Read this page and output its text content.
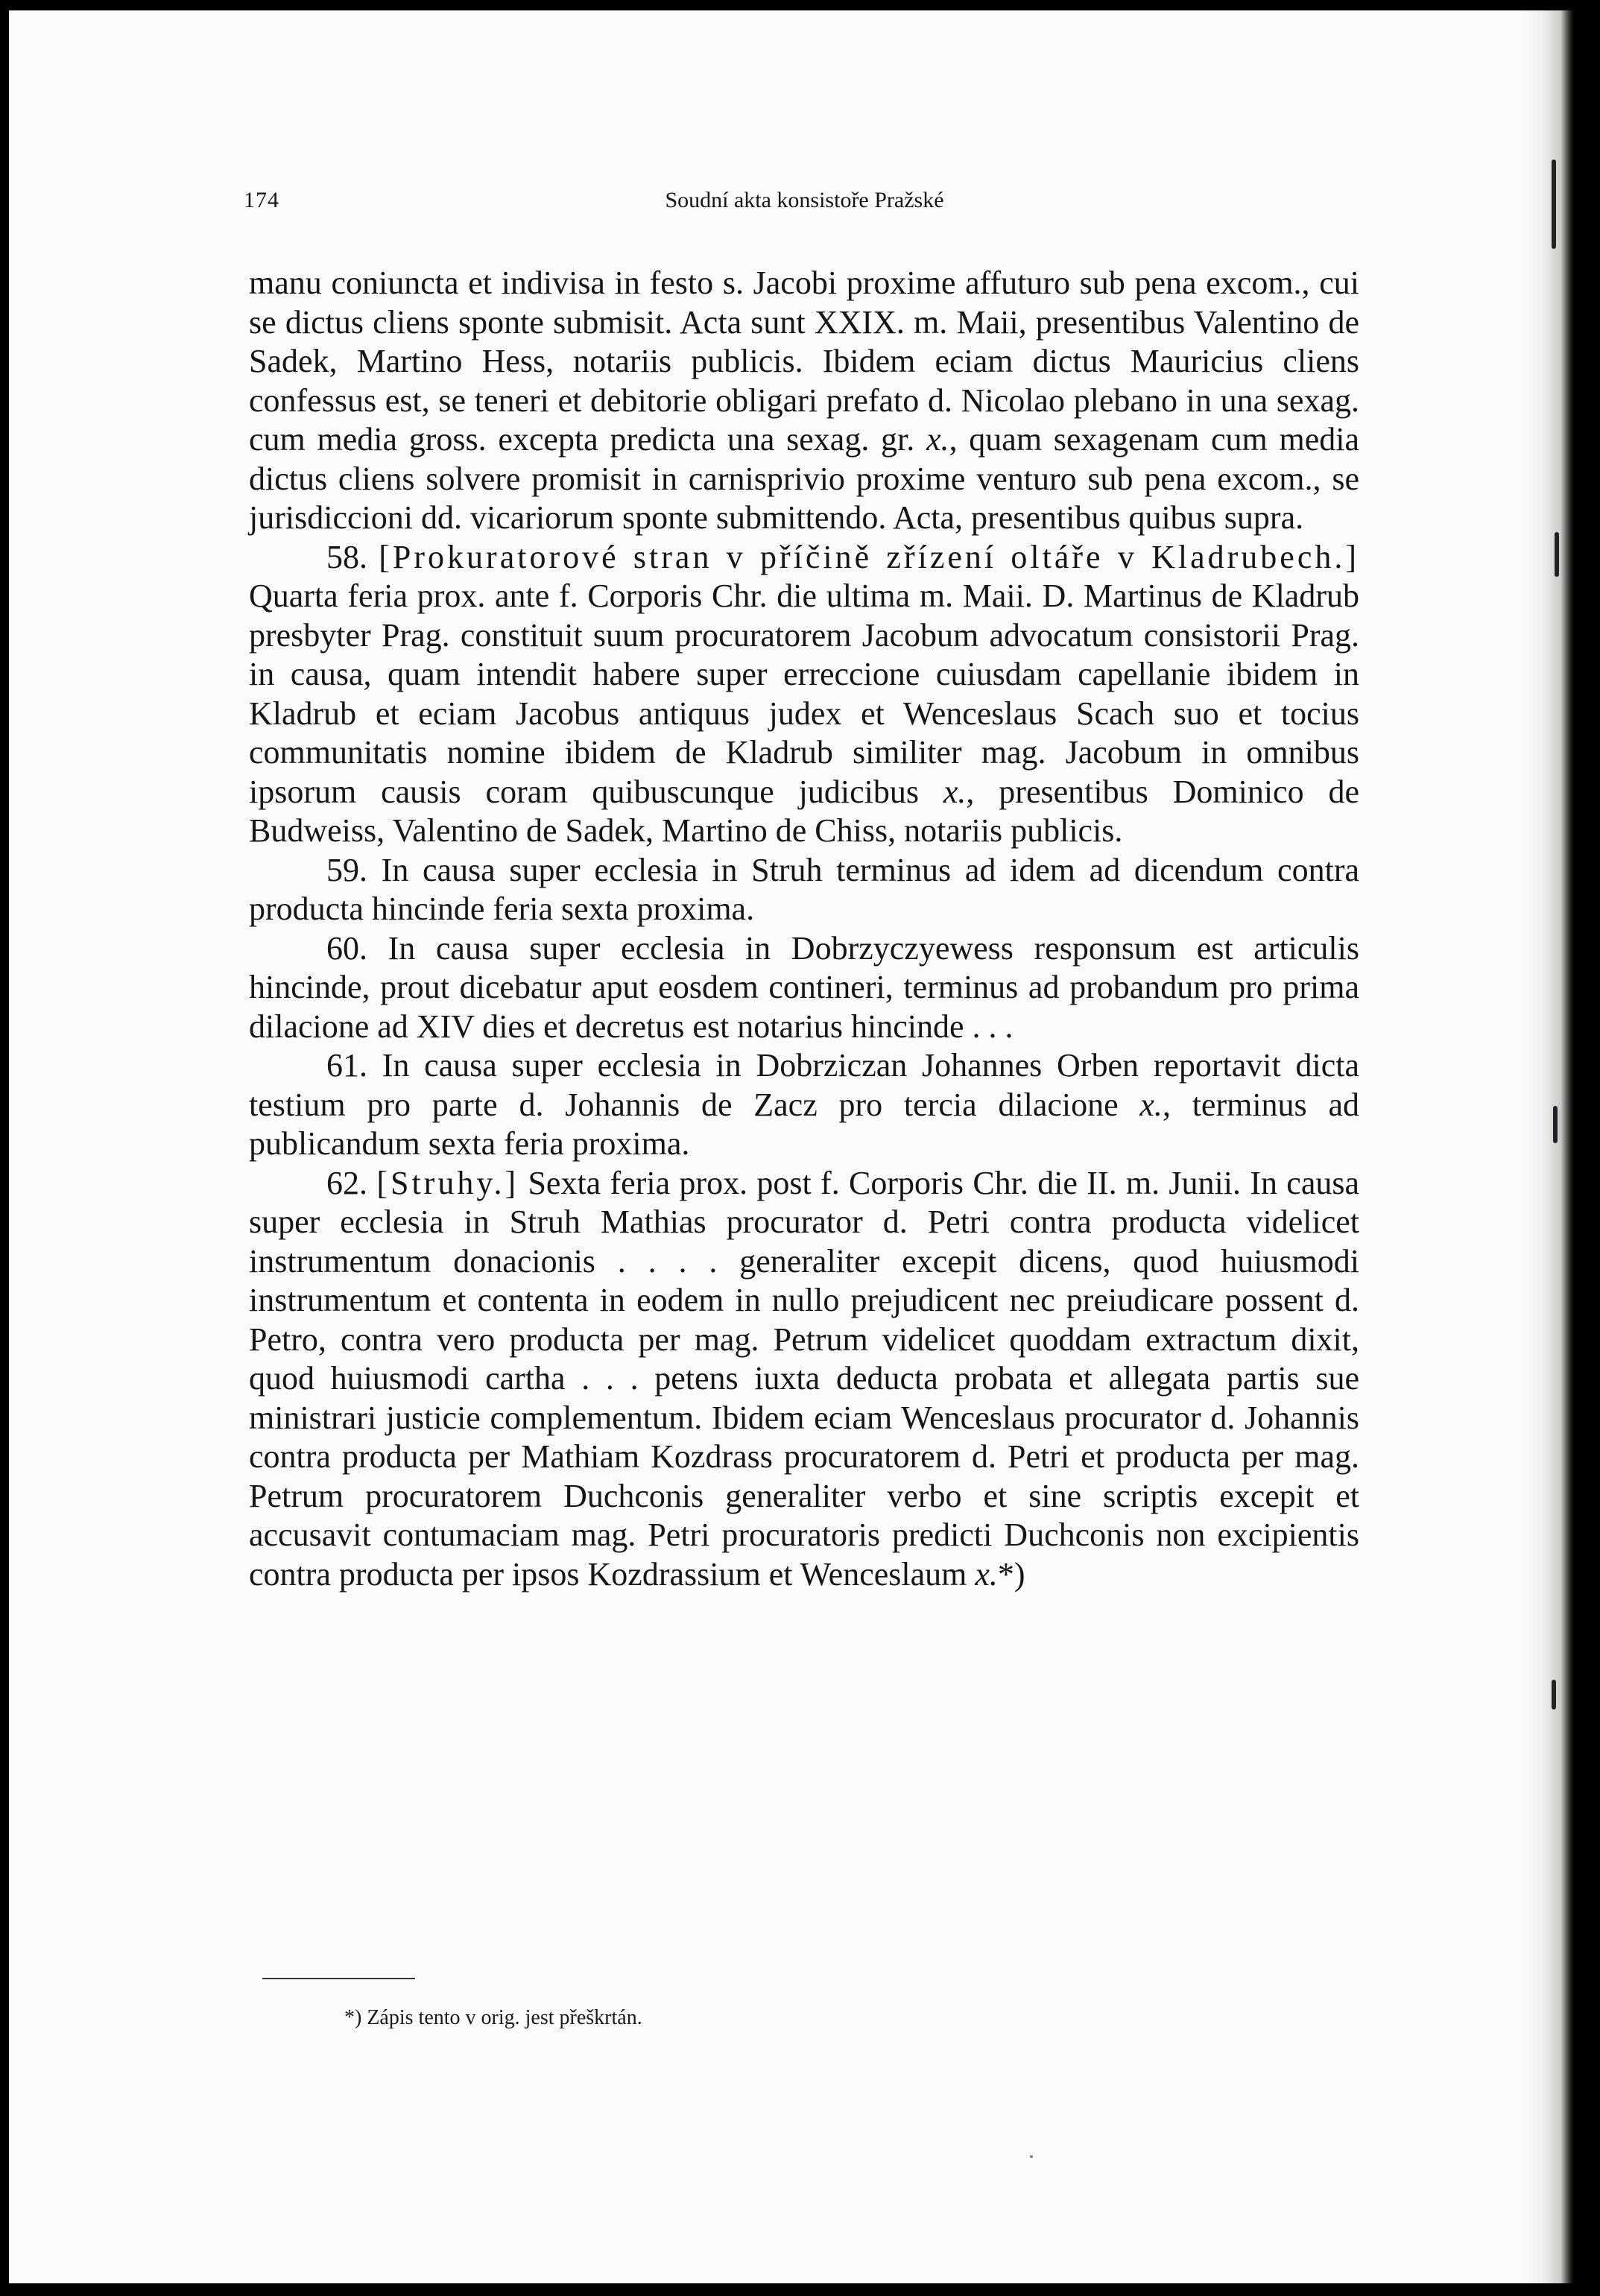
174	Soudní akta konsistoře Pražské

manu coniuncta et indivisa in festo s. Jacobi proxime affuturo sub pena excom., cui se dictus cliens sponte submisit. Acta sunt XXIX. m. Maii, presentibus Valentino de Sadek, Martino Hess, notariis publicis. Ibidem eciam dictus Mauricius cliens confessus est, se teneri et debitorie obligari prefato d. Nicolao plebano in una sexag. cum media gross. excepta predicta una sexag. gr. x., quam sexagenam cum media dictus cliens solvere promisit in carnisprivio proxime venturo sub pena excom., se jurisdiccioni dd. vicariorum sponte submittendo. Acta, presentibus quibus supra.

58. [Prokuratorové stran v příčině zřízení oltáře v Kladrubech.] Quarta feria prox. ante f. Corporis Chr. die ultima m. Maii. D. Martinus de Kladrub presbyter Prag. constituit suum procuratorem Jacobum advocatum consistorii Prag. in causa, quam intendit habere super erreccione cuiusdam capellanie ibidem in Kladrub et eciam Jacobus antiquus judex et Wenceslaus Scach suo et tocius communitatis nomine ibidem de Kladrub similiter mag. Jacobum in omnibus ipsorum causis coram quibuscunque judicibus x., presentibus Dominico de Budweiss, Valentino de Sadek, Martino de Chiss, notariis publicis.

59. In causa super ecclesia in Struh terminus ad idem ad dicendum contra producta hincinde feria sexta proxima.

60. In causa super ecclesia in Dobrzyczyewess responsum est articulis hincinde, prout dicebatur aput eosdem contineri, terminus ad probandum pro prima dilacione ad XIV dies et decretus est notarius hincinde . . .

61. In causa super ecclesia in Dobrziczan Johannes Orben reportavit dicta testium pro parte d. Johannis de Zacz pro tercia dilacione x., terminus ad publicandum sexta feria proxima.

62. [Struhy.] Sexta feria prox. post f. Corporis Chr. die II. m. Junii. In causa super ecclesia in Struh Mathias procurator d. Petri contra producta videlicet instrumentum donacionis . . . . generaliter excepit dicens, quod huiusmodi instrumentum et contenta in eodem in nullo prejudicent nec preiudicare possent d. Petro, contra vero producta per mag. Petrum videlicet quoddam extractum dixit, quod huiusmodi cartha . . . petens iuxta deducta probata et allegata partis sue ministrari justicie complementum. Ibidem eciam Wenceslaus procurator d. Johannis contra producta per Mathiam Kozdrass procuratorem d. Petri et producta per mag. Petrum procuratorem Duchconis generaliter verbo et sine scriptis excepit et accusavit contumaciam mag. Petri procuratoris predicti Duchconis non excipientis contra producta per ipsos Kozdrassium et Wenceslaum x.*)

*) Zápis tento v orig. jest přeškrtán.
